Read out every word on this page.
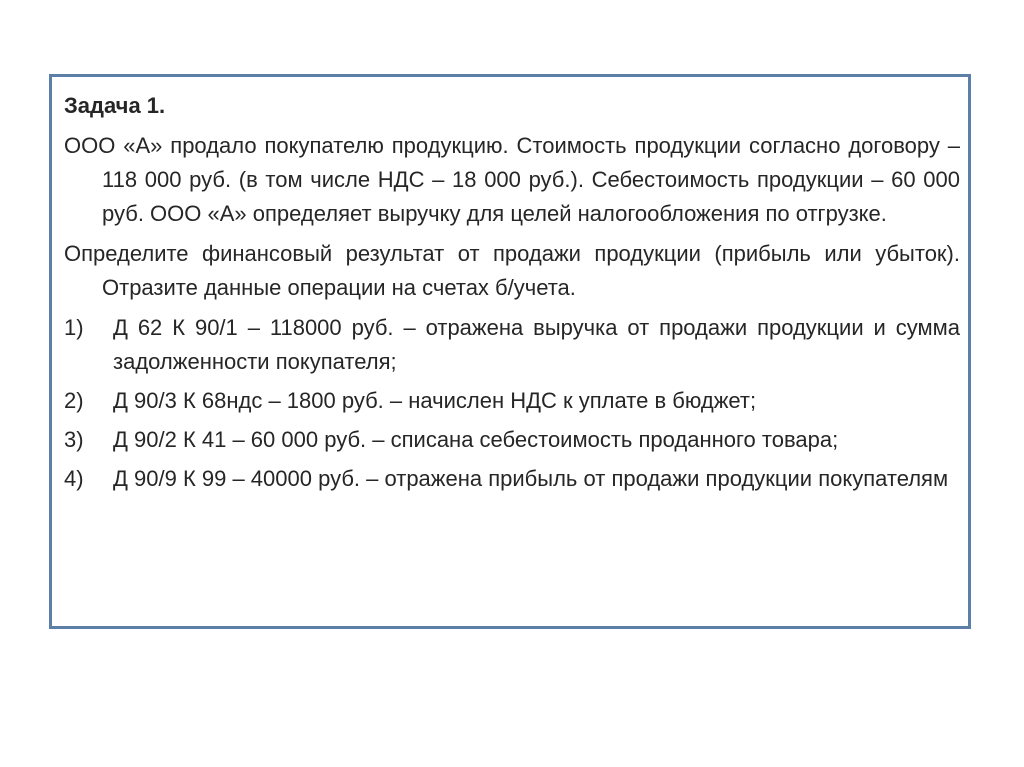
Задача 1.
ООО «А» продало покупателю продукцию. Стоимость продукции согласно договору – 118 000 руб. (в том числе НДС – 18 000 руб.). Себестоимость продукции – 60 000 руб. ООО «А» определяет выручку для целей налогообложения по отгрузке.
Определите финансовый результат от продажи продукции (прибыль или убыток). Отразите данные операции на счетах б/учета.
1)	Д 62 К 90/1 – 118000 руб. – отражена выручка от продажи продукции и сумма задолженности покупателя;
2)	Д 90/3 К 68ндс – 1800 руб. – начислен НДС к уплате в бюджет;
3)	Д 90/2 К 41 – 60 000 руб. – списана себестоимость проданного товара;
4)	Д 90/9 К 99 – 40000 руб. – отражена прибыль от продажи продукции покупателям
